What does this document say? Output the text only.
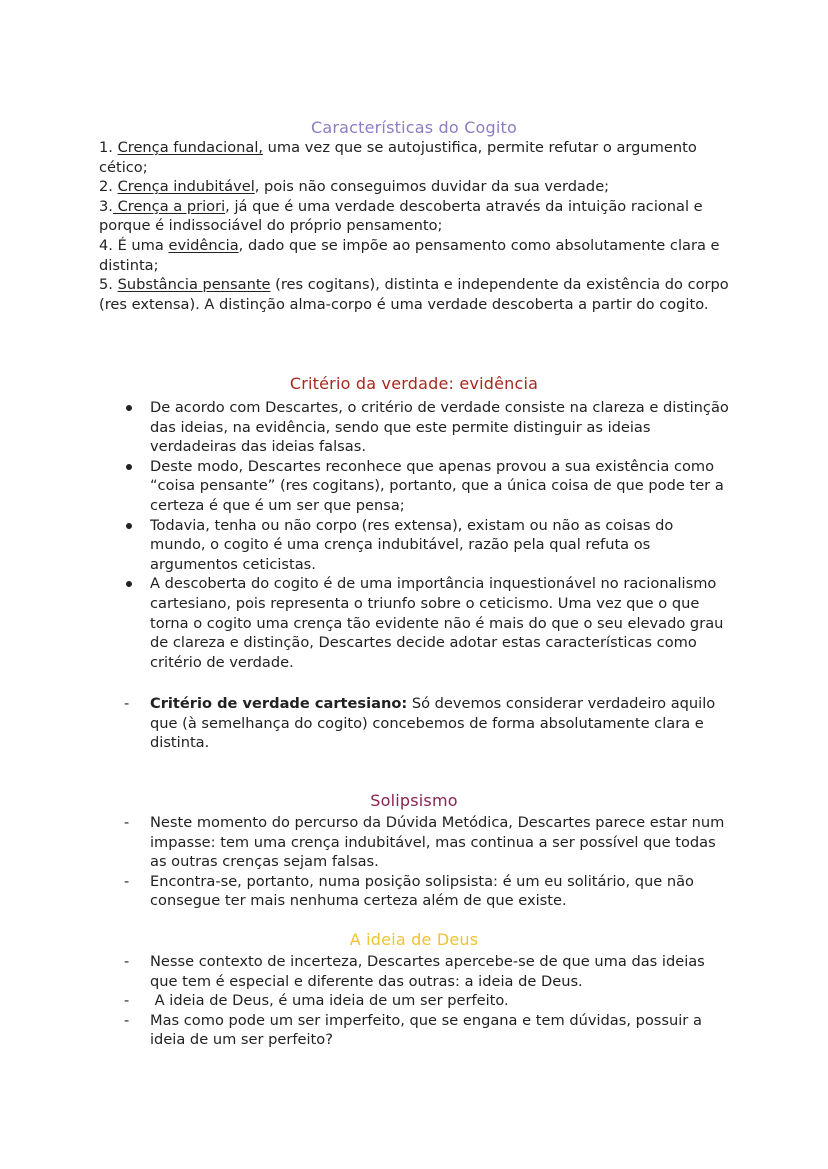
Características do Cogito

1. Crença fundacional, uma vez que se autojustifica, permite refutar o argumento cético;

2. Crença indubitável, pois não conseguimos duvidar da sua verdade;

3. Crença a priori, já que é uma verdade descoberta através da intuição racional e porque é indissociável do próprio pensamento;

4. É uma evidência, dado que se impõe ao pensamento como absolutamente clara e distinta;

5. Substância pensante (res cogitans), distinta e independente da existência do corpo (res extensa). A distinção alma-corpo é uma verdade descoberta a partir do cogito.

Critério da verdade: evidência
De acordo com Descartes, o critério de verdade consiste na clareza e distinção das ideias, na evidência, sendo que este permite distinguir as ideias verdadeiras das ideias falsas.
Deste modo, Descartes reconhece que apenas provou a sua existência como “coisa pensante” (res cogitans), portanto, que a única coisa de que pode ter a certeza é que é um ser que pensa;
Todavia, tenha ou não corpo (res extensa), existam ou não as coisas do mundo, o cogito é uma crença indubitável, razão pela qual refuta os argumentos ceticistas.
A descoberta do cogito é de uma importância inquestionável no racionalismo cartesiano, pois representa o triunfo sobre o ceticismo. Uma vez que o que torna o cogito uma crença tão evidente não é mais do que o seu elevado grau de clareza e distinção, Descartes decide adotar estas características como critério de verdade.
- Critério de verdade cartesiano: Só devemos considerar verdadeiro aquilo que (à semelhança do cogito) concebemos de forma absolutamente clara e distinta.
Solipsismo
- Neste momento do percurso da Dúvida Metódica, Descartes parece estar num impasse: tem uma crença indubitável, mas continua a ser possível que todas as outras crenças sejam falsas.
- Encontra-se, portanto, numa posição solipsista: é um eu solitário, que não consegue ter mais nenhuma certeza além de que existe.
A ideia de Deus
- Nesse contexto de incerteza, Descartes apercebe-se de que uma das ideias que tem é especial e diferente das outras: a ideia de Deus.
- A ideia de Deus, é uma ideia de um ser perfeito.
- Mas como pode um ser imperfeito, que se engana e tem dúvidas, possuir a ideia de um ser perfeito?
